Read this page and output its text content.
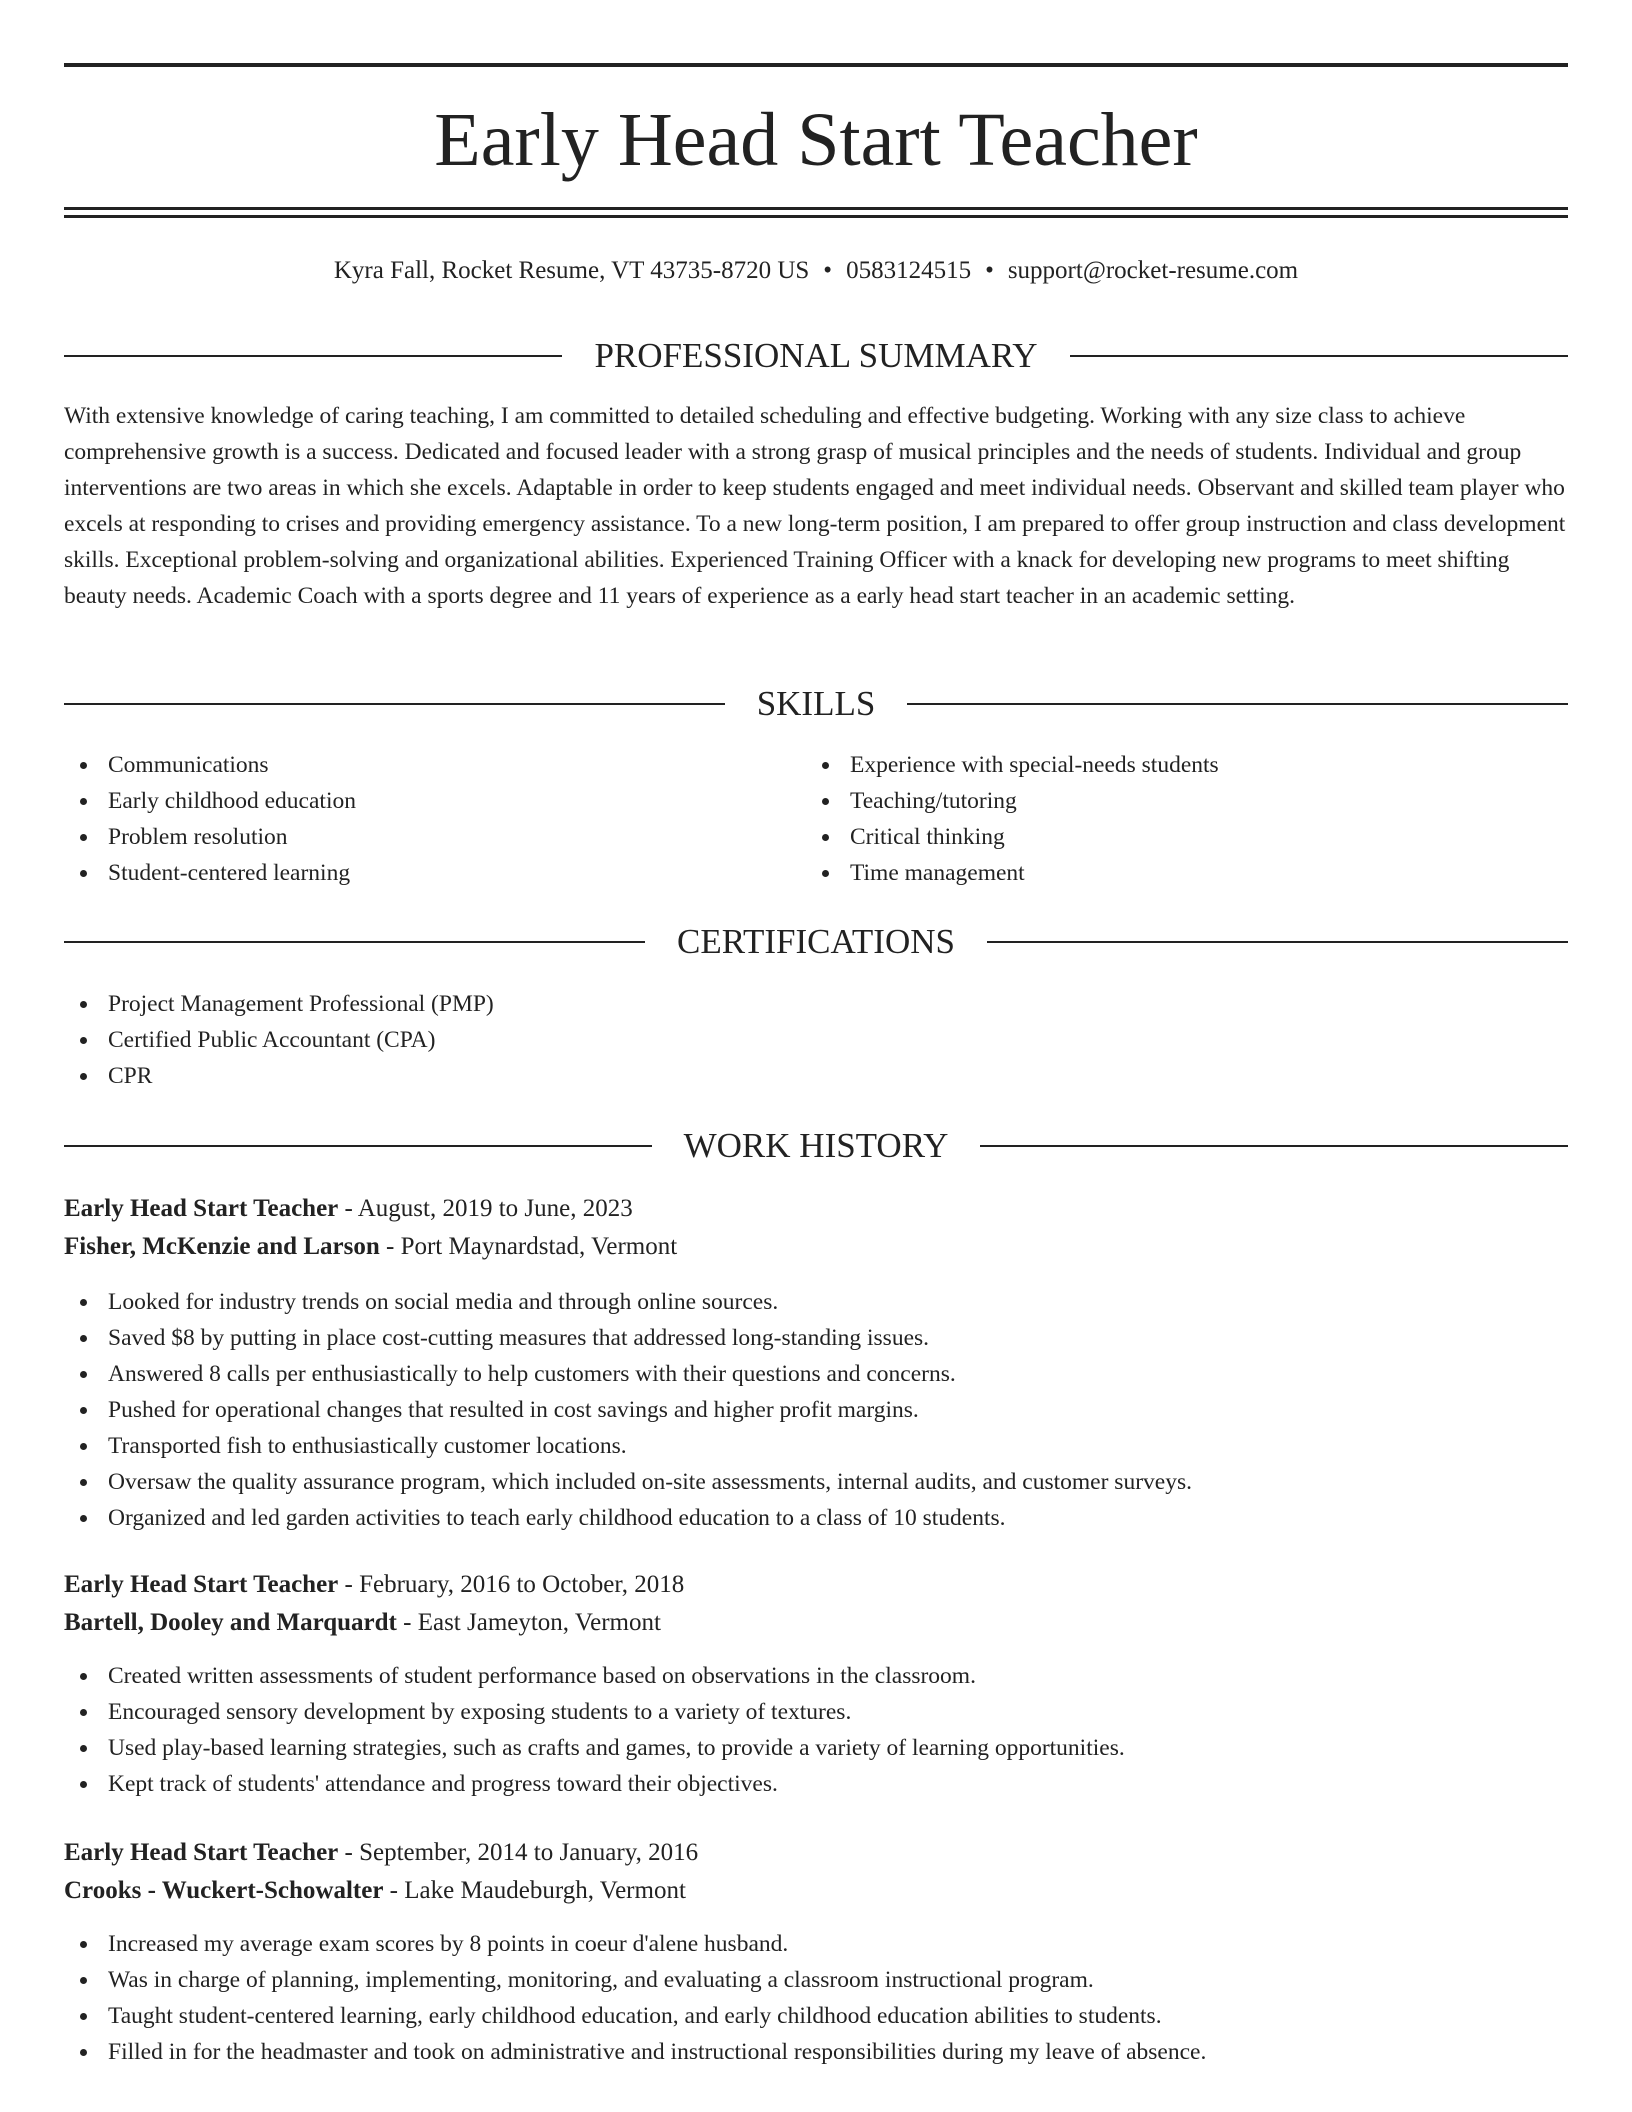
Early Head Start Teacher
Kyra Fall, Rocket Resume, VT 43735-8720 US • 0583124515 • support@rocket-resume.com
PROFESSIONAL SUMMARY

With extensive knowledge of caring teaching, I am committed to detailed scheduling and effective budgeting. Working with any size class to achieve comprehensive growth is a success. Dedicated and focused leader with a strong grasp of musical principles and the needs of students. Individual and group interventions are two areas in which she excels. Adaptable in order to keep students engaged and meet individual needs. Observant and skilled team player who excels at responding to crises and providing emergency assistance. To a new long-term position, I am prepared to offer group instruction and class development skills. Exceptional problem-solving and organizational abilities. Experienced Training Officer with a knack for developing new programs to meet shifting beauty needs. Academic Coach with a sports degree and 11 years of experience as a early head start teacher in an academic setting.

SKILLS
Communications
Early childhood education
Problem resolution
Student-centered learning
Experience with special-needs students
Teaching/tutoring
Critical thinking
Time management
CERTIFICATIONS
Project Management Professional (PMP)
Certified Public Accountant (CPA)
CPR
WORK HISTORY
Early Head Start Teacher - August, 2019 to June, 2023
Fisher, McKenzie and Larson - Port Maynardstad, Vermont
Looked for industry trends on social media and through online sources.
Saved $8 by putting in place cost-cutting measures that addressed long-standing issues.
Answered 8 calls per enthusiastically to help customers with their questions and concerns.
Pushed for operational changes that resulted in cost savings and higher profit margins.
Transported fish to enthusiastically customer locations.
Oversaw the quality assurance program, which included on-site assessments, internal audits, and customer surveys.
Organized and led garden activities to teach early childhood education to a class of 10 students.
Early Head Start Teacher - February, 2016 to October, 2018
Bartell, Dooley and Marquardt - East Jameyton, Vermont
Created written assessments of student performance based on observations in the classroom.
Encouraged sensory development by exposing students to a variety of textures.
Used play-based learning strategies, such as crafts and games, to provide a variety of learning opportunities.
Kept track of students' attendance and progress toward their objectives.
Early Head Start Teacher - September, 2014 to January, 2016
Crooks - Wuckert-Schowalter - Lake Maudeburgh, Vermont
Increased my average exam scores by 8 points in coeur d'alene husband.
Was in charge of planning, implementing, monitoring, and evaluating a classroom instructional program.
Taught student-centered learning, early childhood education, and early childhood education abilities to students.
Filled in for the headmaster and took on administrative and instructional responsibilities during my leave of absence.
